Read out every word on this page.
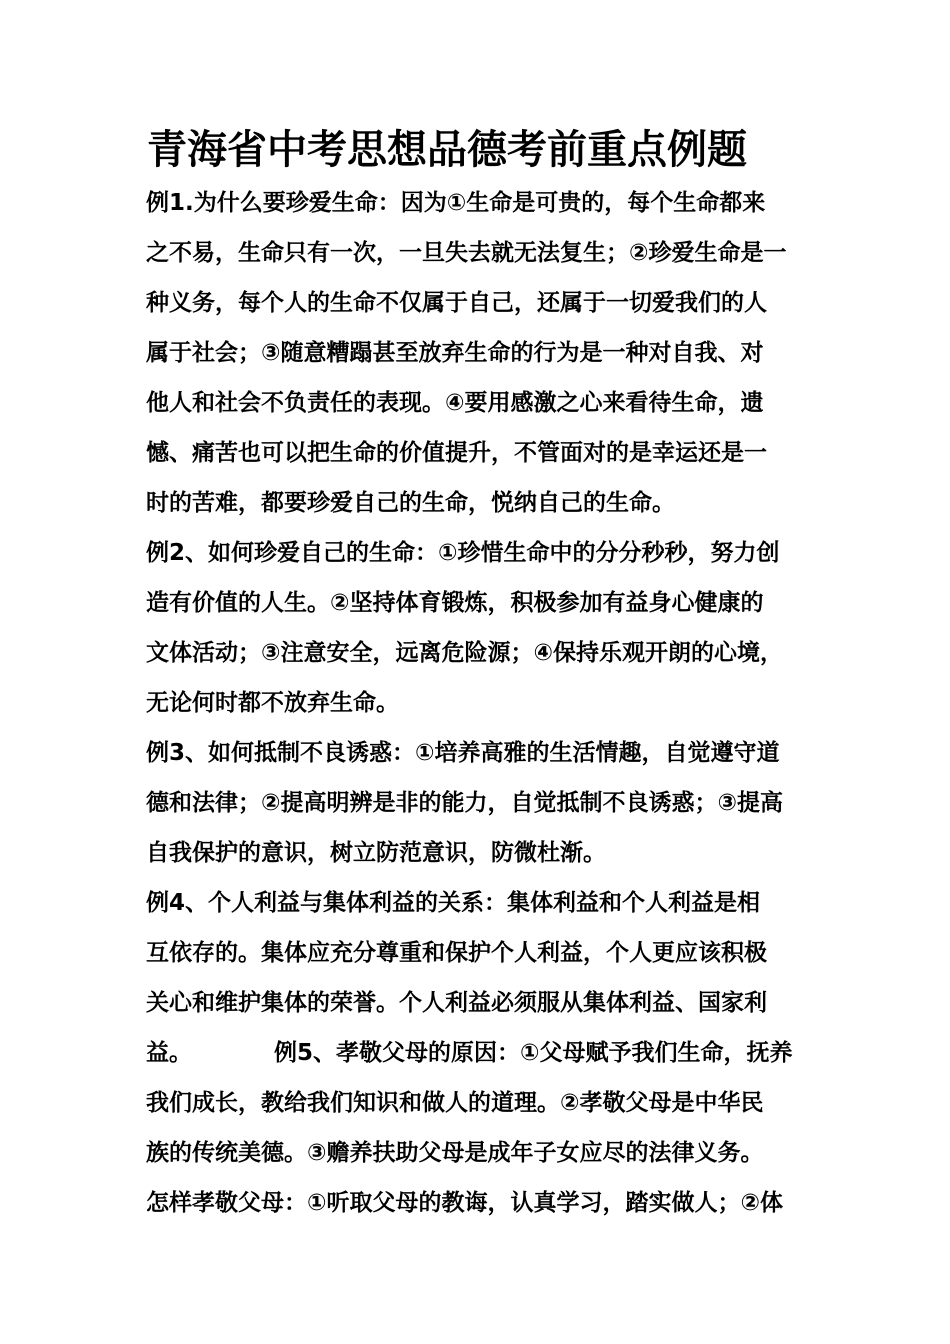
青海省中考思想品德考前重点例题
例1.为什么要珍爱生命：因为①生命是可贵的，每个生命都来
之不易，生命只有一次，一旦失去就无法复生；②珍爱生命是一
种义务，每个人的生命不仅属于自己，还属于一切爱我们的人
属于社会；③随意糟蹋甚至放弃生命的行为是一种对自我、对
他人和社会不负责任的表现。④要用感激之心来看待生命，遗
憾、痛苦也可以把生命的价值提升，不管面对的是幸运还是一
时的苦难，都要珍爱自己的生命，悦纳自己的生命。
例2、如何珍爱自己的生命：①珍惜生命中的分分秒秒，努力创
造有价值的人生。②坚持体育锻炼，积极参加有益身心健康的
文体活动；③注意安全，远离危险源；④保持乐观开朗的心境，
无论何时都不放弃生命。
例3、如何抵制不良诱惑：①培养高雅的生活情趣，自觉遵守道
德和法律；②提高明辨是非的能力，自觉抵制不良诱惑；③提高
自我保护的意识，树立防范意识，防微杜渐。
例4、个人利益与集体利益的关系：集体利益和个人利益是相
互依存的。集体应充分尊重和保护个人利益，个人更应该积极
关心和维护集体的荣誉。个人利益必须服从集体利益、国家利
益。	例5、孝敬父母的原因：①父母赋予我们生命，抚养
我们成长，教给我们知识和做人的道理。②孝敬父母是中华民
族的传统美德。③赡养扶助父母是成年子女应尽的法律义务。
怎样孝敬父母：①听取父母的教诲，认真学习，踏实做人；②体
